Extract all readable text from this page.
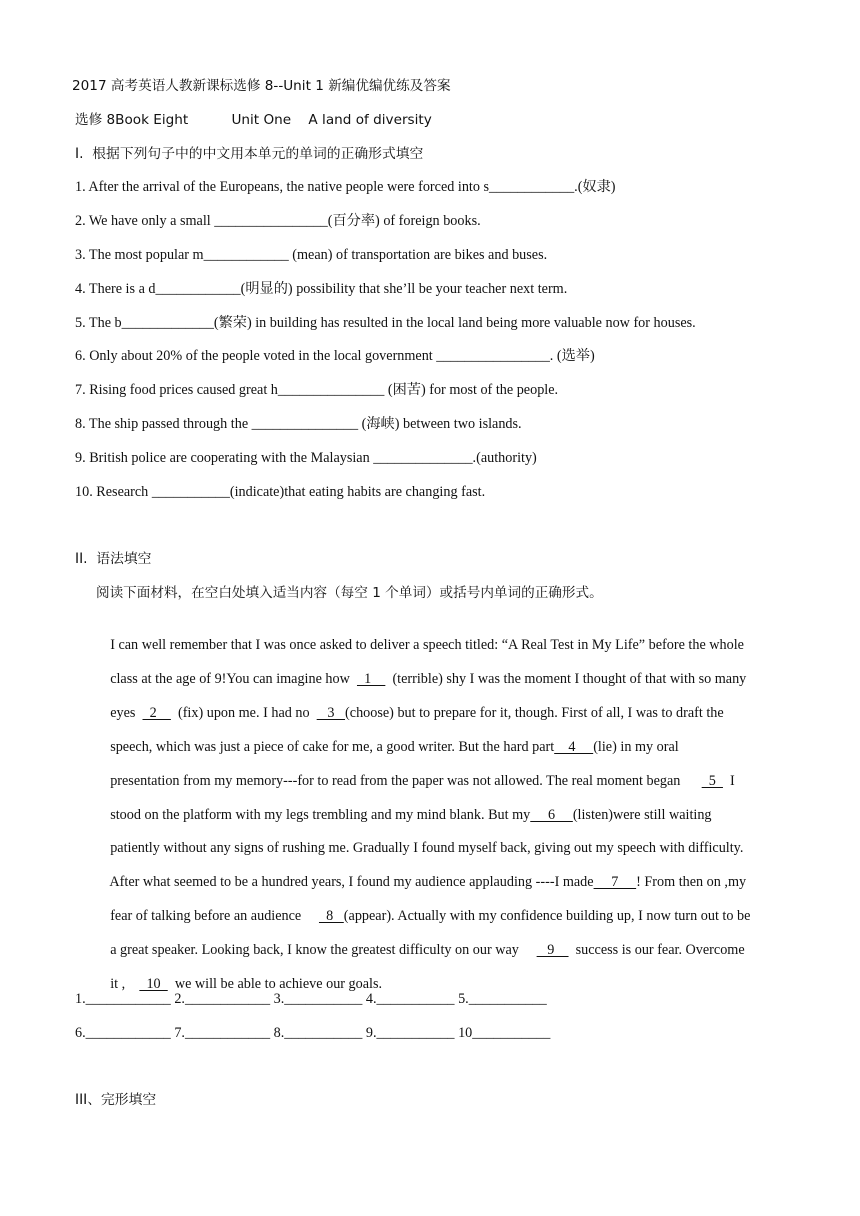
2017 高考英语人教新课标选修 8--Unit 1 新编优编优练及答案
选修 8Book Eight          Unit One    A land of diversity
I.  根据下列句子中的中文用本单元的单词的正确形式填空
1. After the arrival of the Europeans, the native people were forced into s____________.(奴隶)
2. We have only a small ________________(百分率) of foreign books.
3. The most popular m____________ (mean) of transportation are bikes and buses.
4. There is a d____________(明显的) possibility that she’ll be your teacher next term.
5. The b_____________(繁荣) in building has resulted in the local land being more valuable now for houses.
6. Only about 20% of the people voted in the local government ________________. (选举)
7. Rising food prices caused great h_______________ (困苦) for most of the people.
8. The ship passed through the _______________ (海峡) between two islands.
9. British police are cooperating with the Malaysian ______________.(authority)
10. Research ___________(indicate)that eating habits are changing fast.
II.  语法填空
阅读下面材料，在空白处填入适当内容（每空 1 个单词）或括号内单词的正确形式。

I can well remember that I was once asked to deliver a speech titled: “A Real Test in My Life” before the whole

class at the age of 9!You can imagine how    1      (terrible) shy I was the moment I thought of that with so many

eyes    2      (fix) upon me. I had no     3   (choose) but to prepare for it, though. First of all, I was to draft the

speech, which was just a piece of cake for me, a good writer. But the hard part    4     (lie) in my oral

presentation from my memory---for to read from the paper was not allowed. The real moment began        5    I

stood on the platform with my legs trembling and my mind blank. But my     6     (listen)were still waiting

patiently without any signs of rushing me. Gradually I found myself back, giving out my speech with difficulty.

After what seemed to be a hundred years, I found my audience applauding ----I made     7     ! From then on ,my

fear of talking before an audience       8   (appear). Actually with my confidence building up, I now turn out to be

a great speaker. Looking back, I know the greatest difficulty on our way        9      success is our fear. Overcome

it ,      10    we will be able to achieve our goals.

1.____________ 2.____________ 3.___________ 4.___________ 5.___________
6.____________ 7.____________ 8.___________ 9.___________ 10___________
III、完形填空
